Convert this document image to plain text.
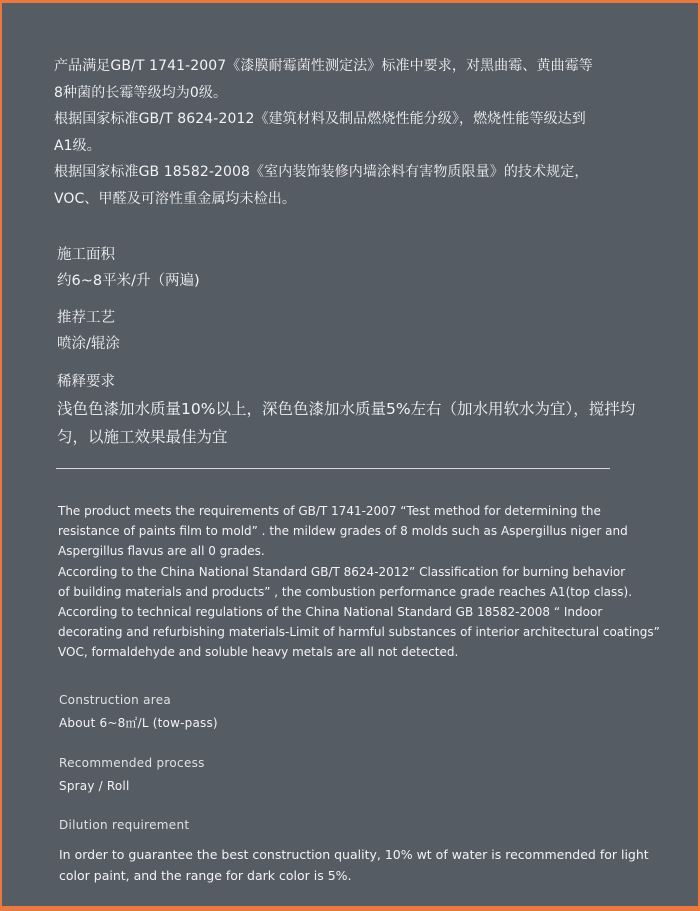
产品满足GB/T 1741-2007《漆膜耐霉菌性测定法》标准中要求，对黑曲霉、黄曲霉等

8种菌的长霉等级均为0级。

根据国家标准GB/T 8624-2012《建筑材料及制品燃烧性能分级》，燃烧性能等级达到

A1级。

根据国家标准GB 18582-2008《室内装饰装修内墙涂料有害物质限量》的技术规定，

VOC、甲醛及可溶性重金属均未检出。

施工面积

约6~8平米/升（两遍)

推荐工艺

喷涂/辊涂

稀释要求

浅色色漆加水质量10%以上，深色色漆加水质量5%左右（加水用软水为宜），搅拌均匀，以施工效果最佳为宜

The product meets the requirements of GB/T 1741-2007 “Test method for determining the

resistance of paints film to mold” . the mildew grades of 8 molds such as Aspergillus niger and

Aspergillus flavus are all 0 grades.

According to the China National Standard GB/T 8624-2012” Classification for burning behavior

of building materials and products” , the combustion performance grade reaches A1(top class).

According to technical regulations of the China National Standard GB 18582-2008 “ Indoor

decorating and refurbishing materials-Limit of harmful substances of interior architectural coatings”

VOC, formaldehyde and soluble heavy metals are all not detected.

Construction area

About 6~8㎡/L (tow-pass)

Recommended process

Spray / Roll

Dilution requirement

In order to guarantee the best construction quality, 10% wt of water is recommended for light color paint, and the range for dark color is 5%.
